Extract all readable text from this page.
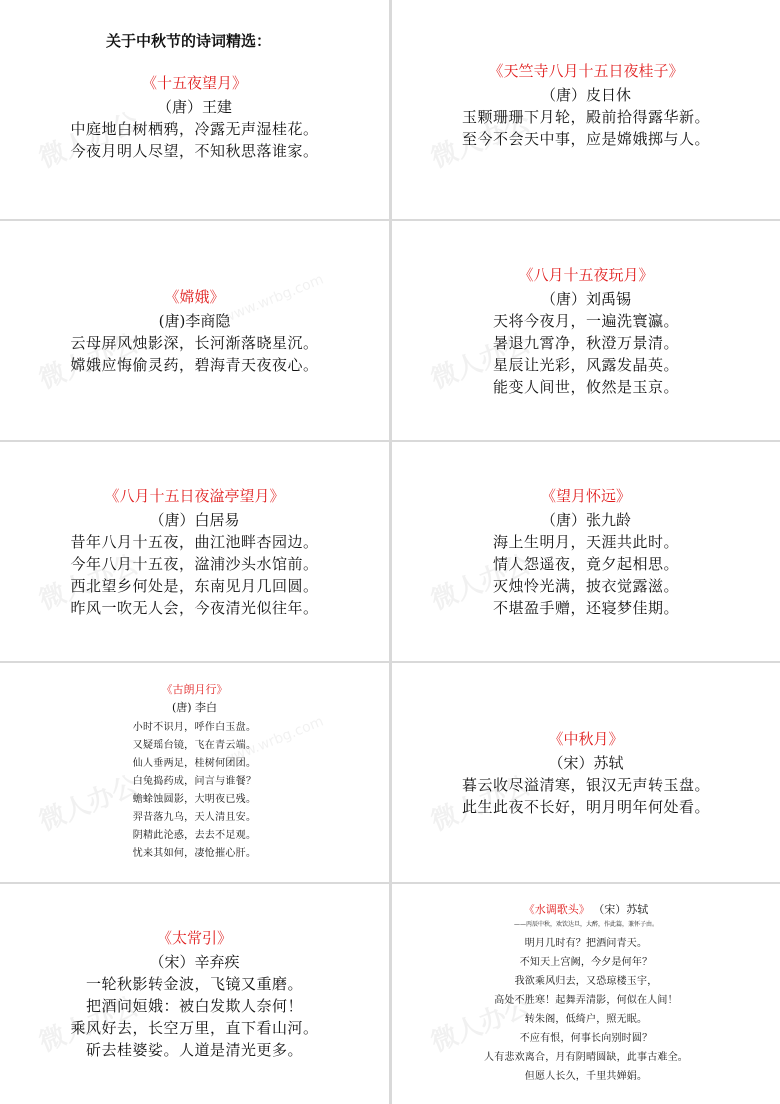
微人办公
关于中秋节的诗词精选：
《十五夜望月》
（唐）王建
中庭地白树栖鸦，冷露无声湿桂花。
今夜月明人尽望，不知秋思落谁家。	微人办公
《天竺寺八月十五日夜桂子》
（唐）皮日休
玉颗珊珊下月轮，殿前拾得露华新。
至今不会天中事，应是嫦娥掷与人。
微人办公
www.wrbg.com
《嫦娥》
(唐)李商隐
云母屏风烛影深，长河渐落晓星沉。
嫦娥应悔偷灵药，碧海青天夜夜心。	微人办公
《八月十五夜玩月》
（唐）刘禹锡
天将今夜月，一遍洗寰瀛。
暑退九霄净，秋澄万景清。
星辰让光彩，风露发晶英。
能变人间世，攸然是玉京。
微人办公
《八月十五日夜湓亭望月》
（唐）白居易
昔年八月十五夜，曲江池畔杏园边。
今年八月十五夜，湓浦沙头水馆前。
西北望乡何处是，东南见月几回圆。
昨风一吹无人会，今夜清光似往年。	微人办公
《望月怀远》
（唐）张九龄
海上生明月，天涯共此时。
情人怨遥夜，竟夕起相思。
灭烛怜光满，披衣觉露滋。
不堪盈手赠，还寝梦佳期。
微人办公
www.wrbg.com
《古朗月行》
(唐) 李白
小时不识月，呼作白玉盘。
又疑瑶台镜，飞在青云端。
仙人垂两足，桂树何团团。
白兔捣药成，问言与谁餐？
蟾蜍蚀圆影，大明夜已残。
羿昔落九乌，天人清且安。
阴精此沦惑，去去不足观。
忧来其如何，凄怆摧心肝。
微人办公
《中秋月》
（宋）苏轼
暮云收尽溢清寒，银汉无声转玉盘。
此生此夜不长好，明月明年何处看。
微人办公
《太常引》
（宋）辛弃疾
一轮秋影转金波，飞镜又重磨。
把酒问姮娥：被白发欺人奈何！
乘风好去，长空万里，直下看山河。
斫去桂婆娑。人道是清光更多。	微人办公
《水调歌头》 （宋）苏轼
——丙辰中秋，欢饮达旦，大醉，作此篇，兼怀子由。
明月几时有？把酒问青天。
不知天上宫阙，今夕是何年？
我欲乘风归去，又恐琼楼玉宇，
高处不胜寒！起舞弄清影，何似在人间！
转朱阁，低绮户，照无眠。
不应有恨，何事长向别时圆？
人有悲欢离合，月有阴晴圆缺，此事古难全。
但愿人长久，千里共婵娟。
